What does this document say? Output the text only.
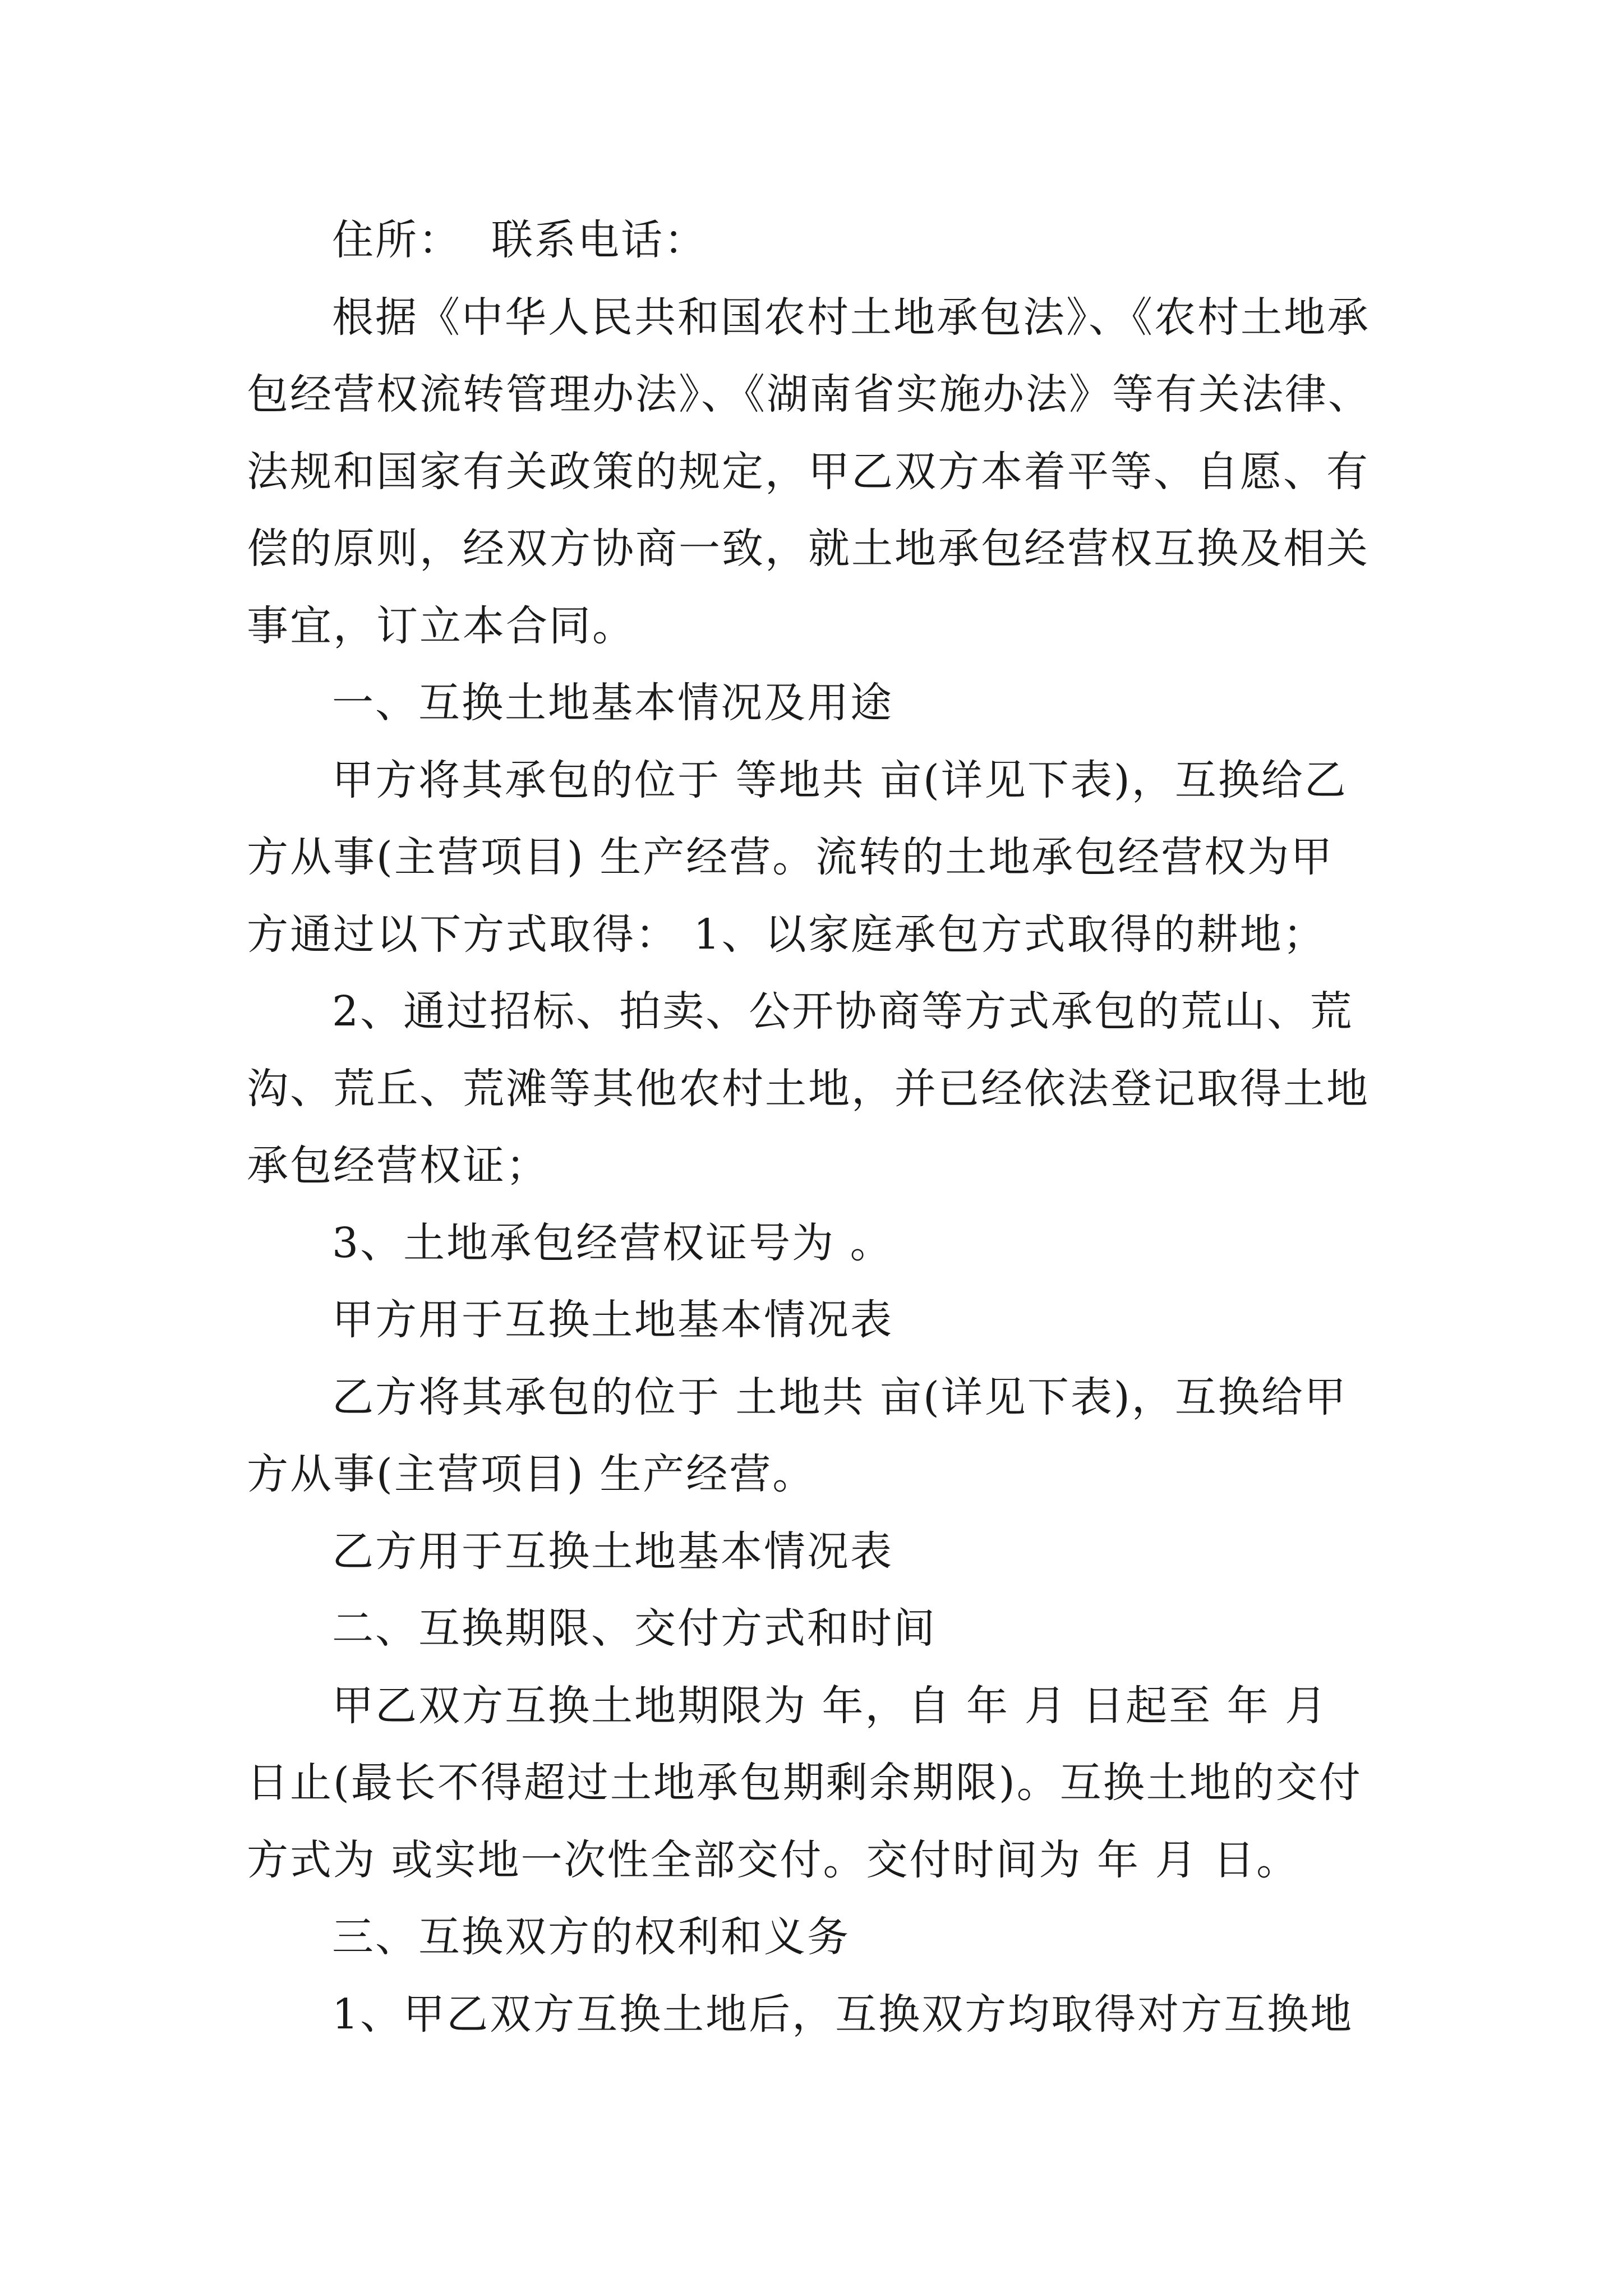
住所：  联系电话：
根据《中华人民共和国农村土地承包法》、《农村土地承
包经营权流转管理办法》、《湖南省实施办法》等有关法律、
法规和国家有关政策的规定，甲乙双方本着平等、自愿、有
偿的原则，经双方协商一致，就土地承包经营权互换及相关
事宜，订立本合同。
一、互换土地基本情况及用途
甲方将其承包的位于 等地共 亩(详见下表)，互换给乙
方从事(主营项目) 生产经营。流转的土地承包经营权为甲
方通过以下方式取得： 1、以家庭承包方式取得的耕地；
2、通过招标、拍卖、公开协商等方式承包的荒山、荒
沟、荒丘、荒滩等其他农村土地，并已经依法登记取得土地
承包经营权证；
3、土地承包经营权证号为 。
甲方用于互换土地基本情况表
乙方将其承包的位于 土地共 亩(详见下表)，互换给甲
方从事(主营项目) 生产经营。
乙方用于互换土地基本情况表
二、互换期限、交付方式和时间
甲乙双方互换土地期限为 年，自 年 月 日起至 年 月
日止(最长不得超过土地承包期剩余期限)。互换土地的交付
方式为 或实地一次性全部交付。交付时间为 年 月 日。
三、互换双方的权利和义务
1、甲乙双方互换土地后，互换双方均取得对方互换地
